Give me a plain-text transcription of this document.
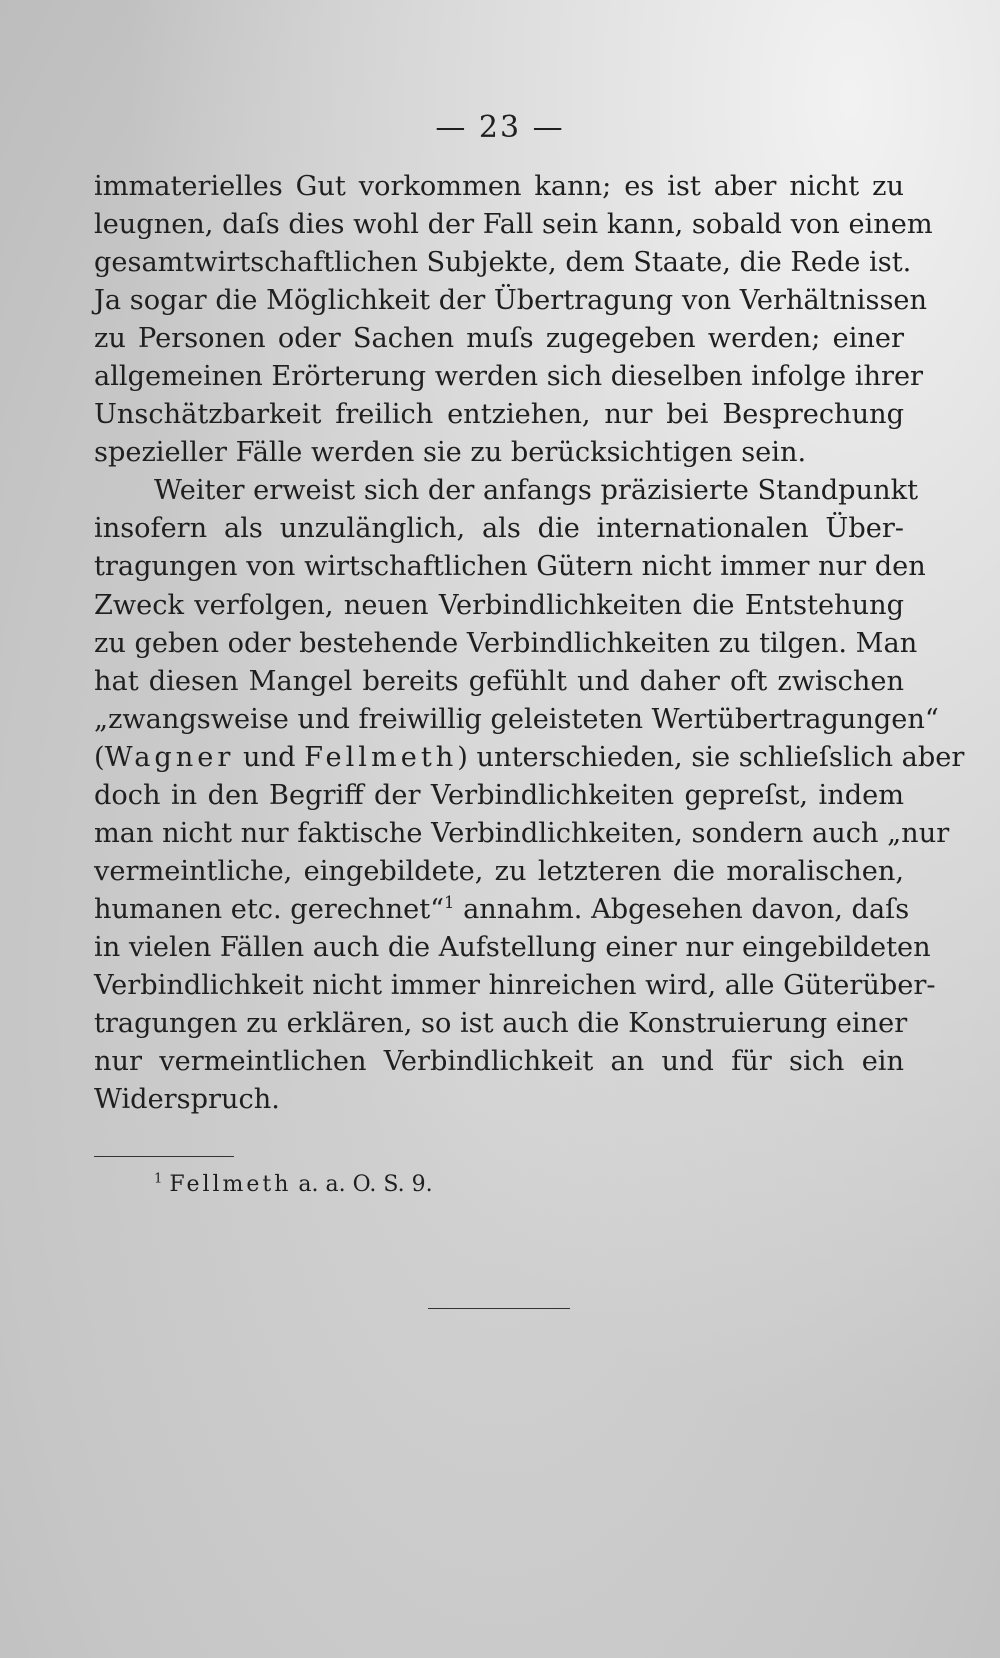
— 23 —
immaterielles Gut vorkommen kann; es ist aber nicht zu
leugnen, daſs dies wohl der Fall sein kann, sobald von einem
gesamtwirtschaftlichen Subjekte, dem Staate, die Rede ist.
Ja sogar die Möglichkeit der Übertragung von Verhältnissen
zu Personen oder Sachen muſs zugegeben werden; einer
allgemeinen Erörterung werden sich dieselben infolge ihrer
Unschätzbarkeit freilich entziehen, nur bei Besprechung
spezieller Fälle werden sie zu berücksichtigen sein.
Weiter erweist sich der anfangs präzisierte Standpunkt
insofern als unzulänglich, als die internationalen Über-
tragungen von wirtschaftlichen Gütern nicht immer nur den
Zweck verfolgen, neuen Verbindlichkeiten die Entstehung
zu geben oder bestehende Verbindlichkeiten zu tilgen. Man
hat diesen Mangel bereits gefühlt und daher oft zwischen
„zwangsweise und freiwillig geleisteten Wertübertragungen“
(Wagner und Fellmeth) unterschieden, sie schlieſslich aber
doch in den Begriff der Verbindlichkeiten gepreſst, indem
man nicht nur faktische Verbindlichkeiten, sondern auch „nur
vermeintliche, eingebildete, zu letzteren die moralischen,
humanen etc. gerechnet“$^1$ annahm. Abgesehen davon, daſs
in vielen Fällen auch die Aufstellung einer nur eingebildeten
Verbindlichkeit nicht immer hinreichen wird, alle Güterüber-
tragungen zu erklären, so ist auch die Konstruierung einer
nur vermeintlichen Verbindlichkeit an und für sich ein
Widerspruch.
$^1$ Fellmeth a. a. O. S. 9.
